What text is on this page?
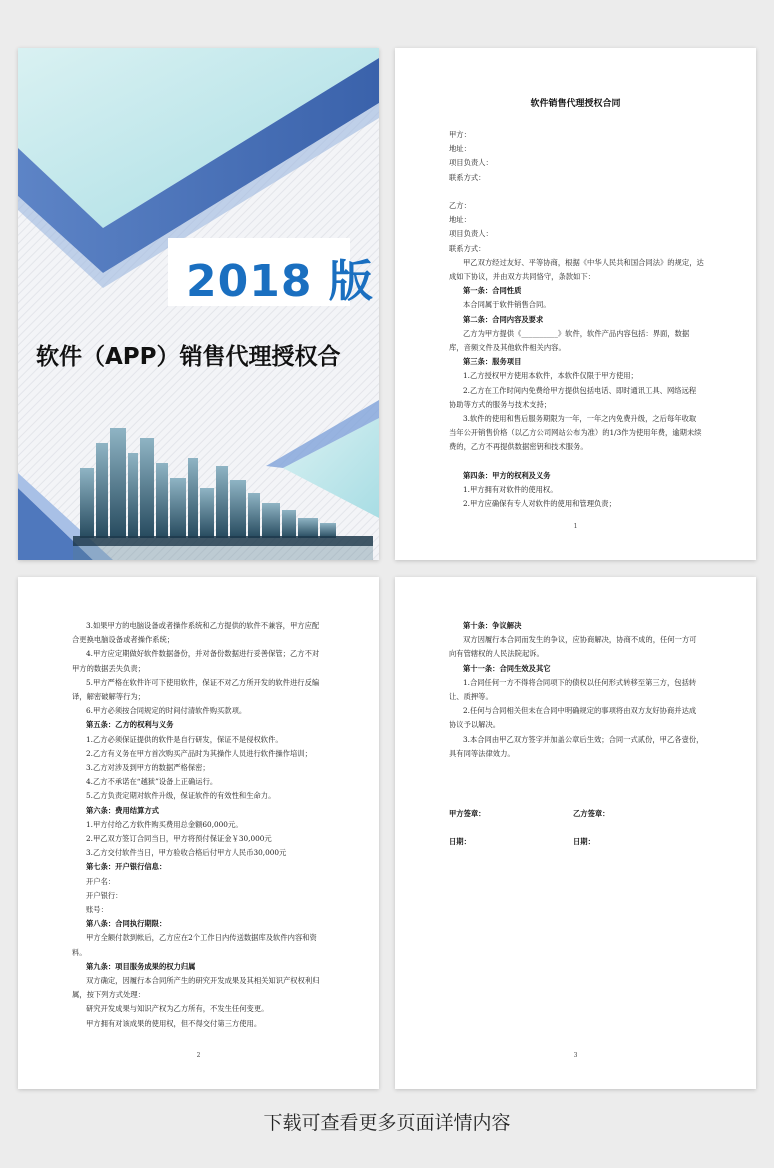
2018 版
软件（APP）销售代理授权合
软件销售代理授权合同
甲方：
地址：
项目负责人：
联系方式：
乙方：
地址：
项目负责人：
联系方式：
甲乙双方经过友好、平等协商，根据《中华人民共和国合同法》的规定，达
成如下协议，并由双方共同恪守，条款如下：
第一条：合同性质
本合同属于软件销售合同。
第二条：合同内容及要求
乙方为甲方提供《__________》软件，软件产品内容包括：界面，数据
库，音频文件及其他软件相关内容。
第三条：服务项目
1.乙方授权甲方使用本软件，本软件仅限于甲方使用；
2.乙方在工作时间内免费给甲方提供包括电话、即时通讯工具、网络远程
协助等方式的服务与技术支持；
3.软件的使用和售后服务期限为一年，一年之内免费升级，之后每年收取
当年公开销售价格（以乙方公司网站公布为准）的1/3作为使用年费，逾期未续
费的，乙方不再提供数据密钥和技术服务。
第四条：甲方的权利及义务
1.甲方拥有对软件的使用权。
2.甲方应确保有专人对软件的使用和管理负责；
1
3.如果甲方的电脑设备或者操作系统和乙方提供的软件不兼容，甲方应配
合更换电脑设备或者操作系统；
4.甲方应定期做好软件数据备份，并对备份数据进行妥善保管；乙方不对
甲方的数据丢失负责；
5.甲方严格在软件许可下使用软件，保证不对乙方所开发的软件进行反编
译，解密破解等行为；
6.甲方必须按合同规定的时间付清软件购买款项。
第五条：乙方的权利与义务
1.乙方必须保证提供的软件是自行研发，保证不是侵权软件。
2.乙方有义务在甲方首次购买产品时为其操作人员进行软件操作培训；
3.乙方对涉及到甲方的数据严格保密；
4.乙方不承诺在“越狱”设备上正确运行。
5.乙方负责定期对软件升级，保证软件的有效性和生命力。
第六条：费用结算方式
1.甲方付给乙方软件购买费用总金额60,000元。
2.甲乙双方签订合同当日，甲方将预付保证金￥30,000元
3.乙方交付软件当日，甲方验收合格后付甲方人民币30,000元
第七条：开户银行信息：
开户名：
开户银行：
账号：
第八条：合同执行期限：
甲方全额付款到帐后，乙方应在2个工作日内传送数据库及软件内容和资
料。
第九条：项目服务成果的权力归属
双方确定，因履行本合同所产生的研究开发成果及其相关知识产权权利归
属，按下列方式处理：
研究开发成果与知识产权为乙方所有，不发生任何变更。
甲方拥有对该成果的使用权，但不得交付第三方使用。
2
第十条：争议解决
双方因履行本合同而发生的争议，应协商解决，协商不成的，任何一方可
向有管辖权的人民法院起诉。
第十一条：合同生效及其它
1.合同任何一方不得将合同项下的债权以任何形式转移至第三方，包括转
让、质押等。
2.任何与合同相关但未在合同中明确规定的事项将由双方友好协商并达成
协议予以解决。
3.本合同由甲乙双方签字并加盖公章后生效；合同一式贰份，甲乙各壹份，
具有同等法律效力。
甲方签章：	乙方签章：
日期：	日期：
3
下载可查看更多页面详情内容
